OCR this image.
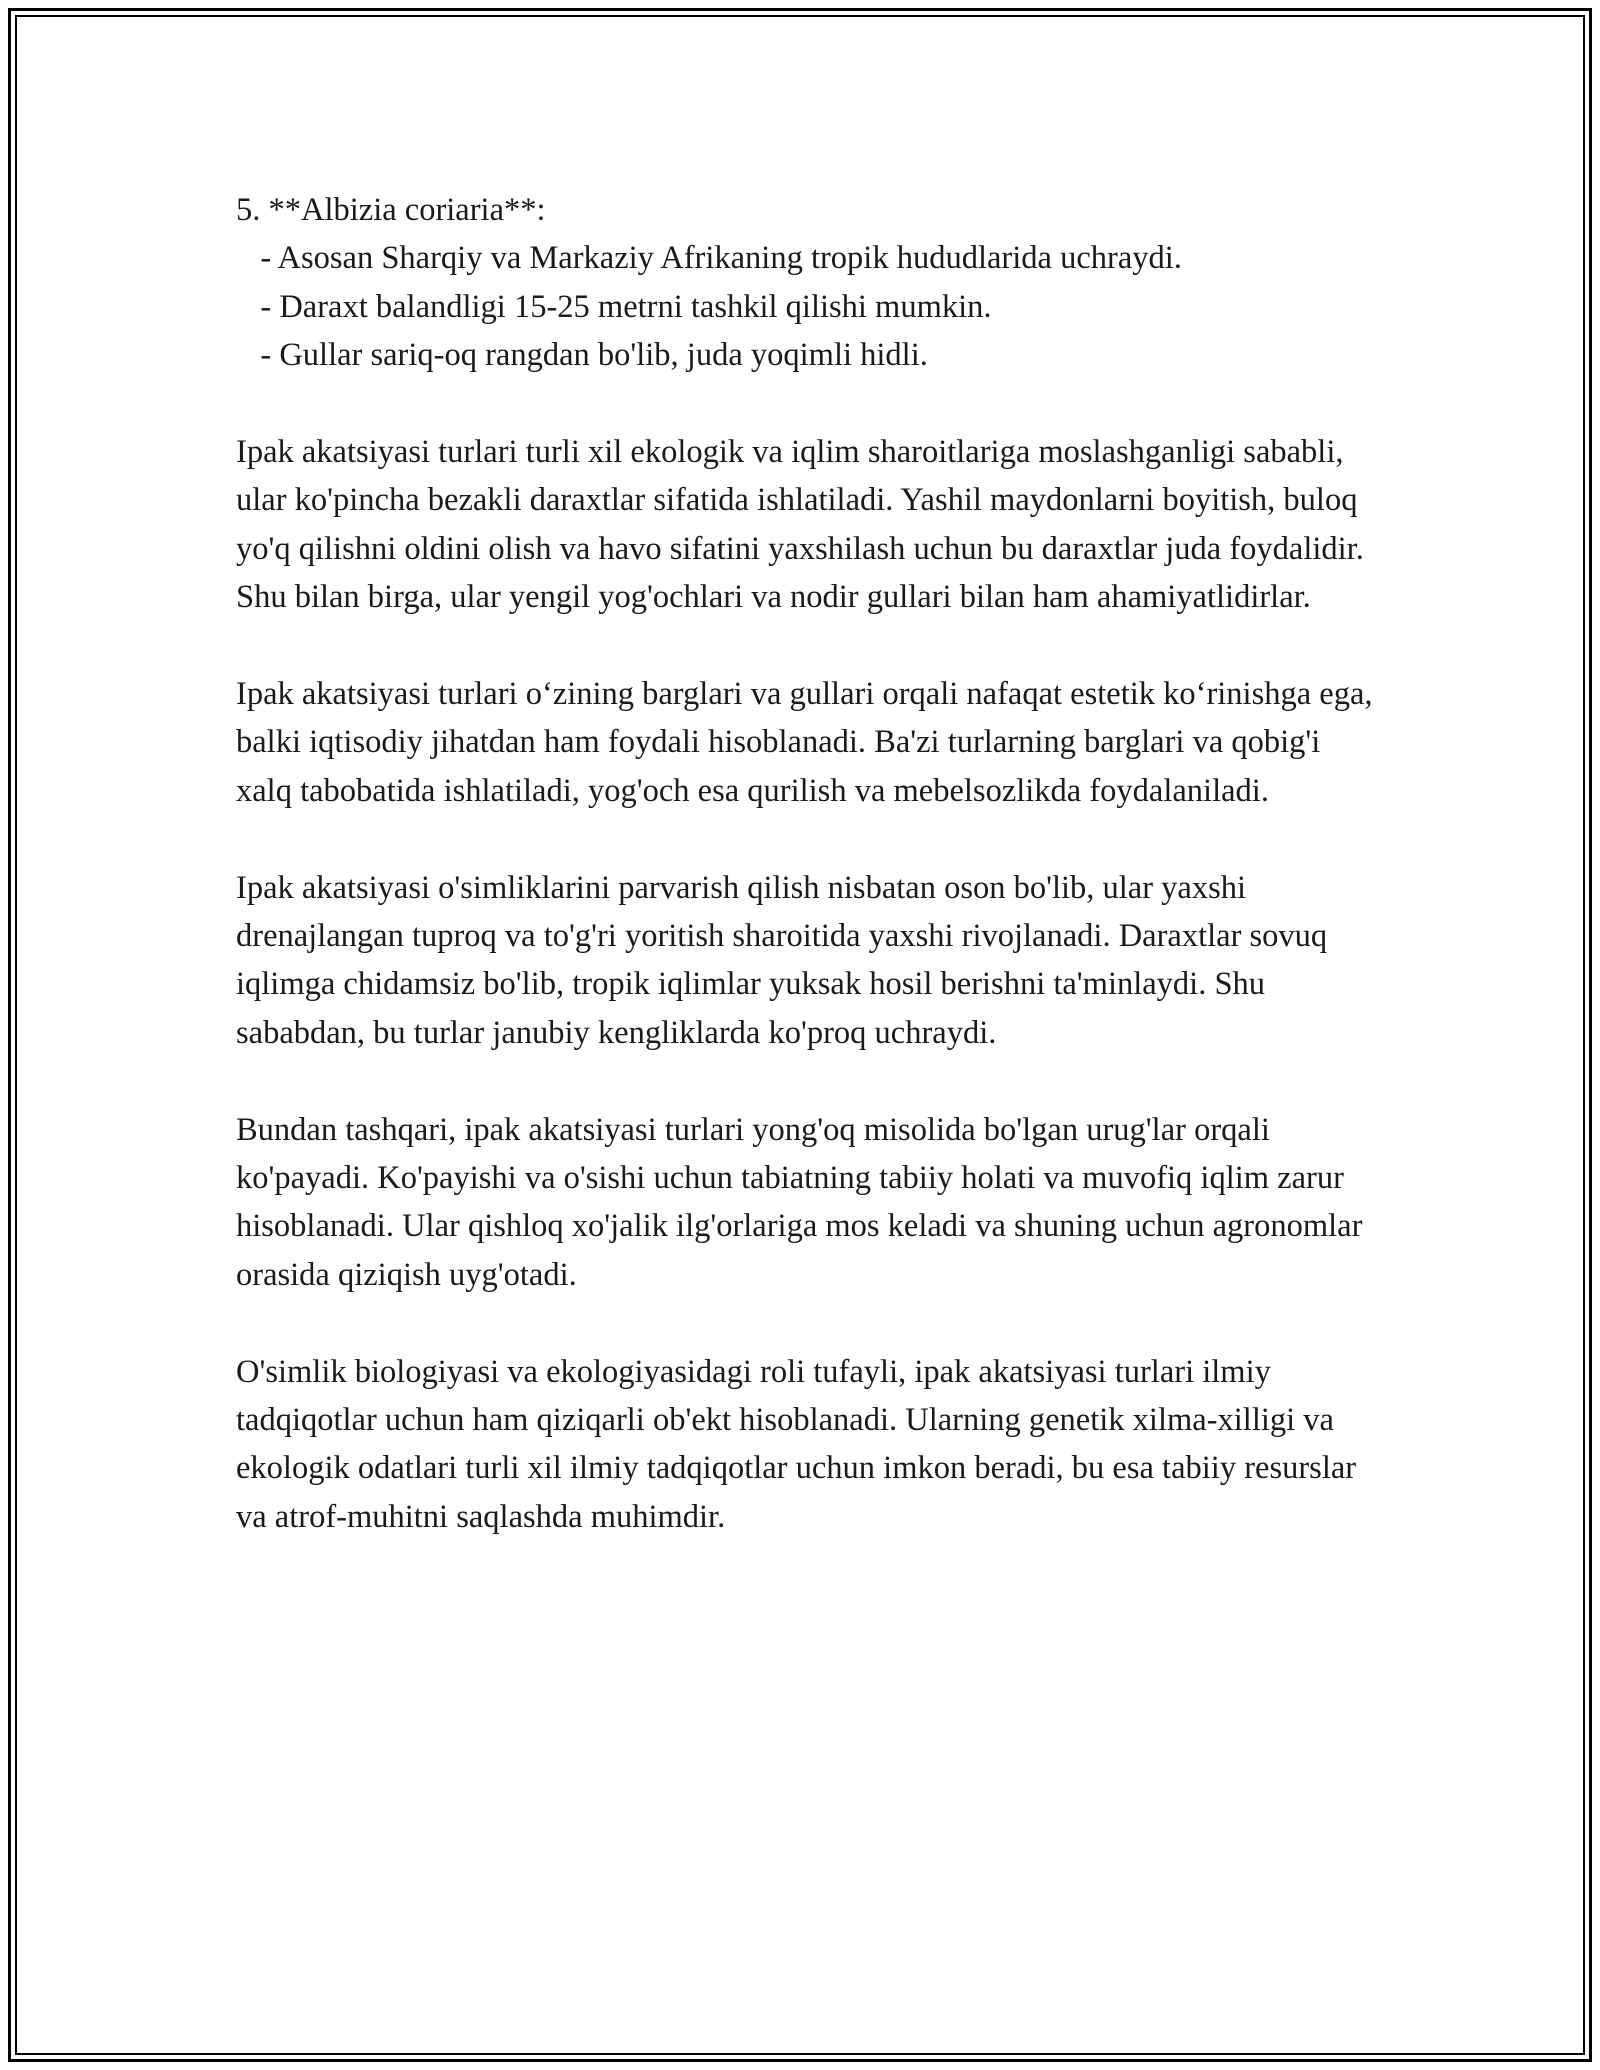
5. **Albizia coriaria**:
- Asosan Sharqiy va Markaziy Afrikaning tropik hududlarida uchraydi.
- Daraxt balandligi 15-25 metrni tashkil qilishi mumkin.
- Gullar sariq-oq rangdan bo'lib, juda yoqimli hidli.

Ipak akatsiyasi turlari turli xil ekologik va iqlim sharoitlariga moslashganligi sababli, ular ko'pincha bezakli daraxtlar sifatida ishlatiladi. Yashil maydonlarni boyitish, buloq yo'q qilishni oldini olish va havo sifatini yaxshilash uchun bu daraxtlar juda foydalidir. Shu bilan birga, ular yengil yog'ochlari va nodir gullari bilan ham ahamiyatlidirlar.

Ipak akatsiyasi turlari o‘zining barglari va gullari orqali nafaqat estetik ko‘rinishga ega, balki iqtisodiy jihatdan ham foydali hisoblanadi. Ba'zi turlarning barglari va qobig'i xalq tabobatida ishlatiladi, yog'och esa qurilish va mebelsozlikda foydalaniladi.

Ipak akatsiyasi o'simliklarini parvarish qilish nisbatan oson bo'lib, ular yaxshi drenajlangan tuproq va to'g'ri yoritish sharoitida yaxshi rivojlanadi. Daraxtlar sovuq iqlimga chidamsiz bo'lib, tropik iqlimlar yuksak hosil berishni ta'minlaydi. Shu sababdan, bu turlar janubiy kengliklarda ko'proq uchraydi.

Bundan tashqari, ipak akatsiyasi turlari yong'oq misolida bo'lgan urug'lar orqali ko'payadi. Ko'payishi va o'sishi uchun tabiatning tabiiy holati va muvofiq iqlim zarur hisoblanadi. Ular qishloq xo'jalik ilg'orlariga mos keladi va shuning uchun agronomlar orasida qiziqish uyg'otadi.

O'simlik biologiyasi va ekologiyasidagi roli tufayli, ipak akatsiyasi turlari ilmiy tadqiqotlar uchun ham qiziqarli ob'ekt hisoblanadi. Ularning genetik xilma-xilligi va ekologik odatlari turli xil ilmiy tadqiqotlar uchun imkon beradi, bu esa tabiiy resurslar va atrof-muhitni saqlashda muhimdir.
